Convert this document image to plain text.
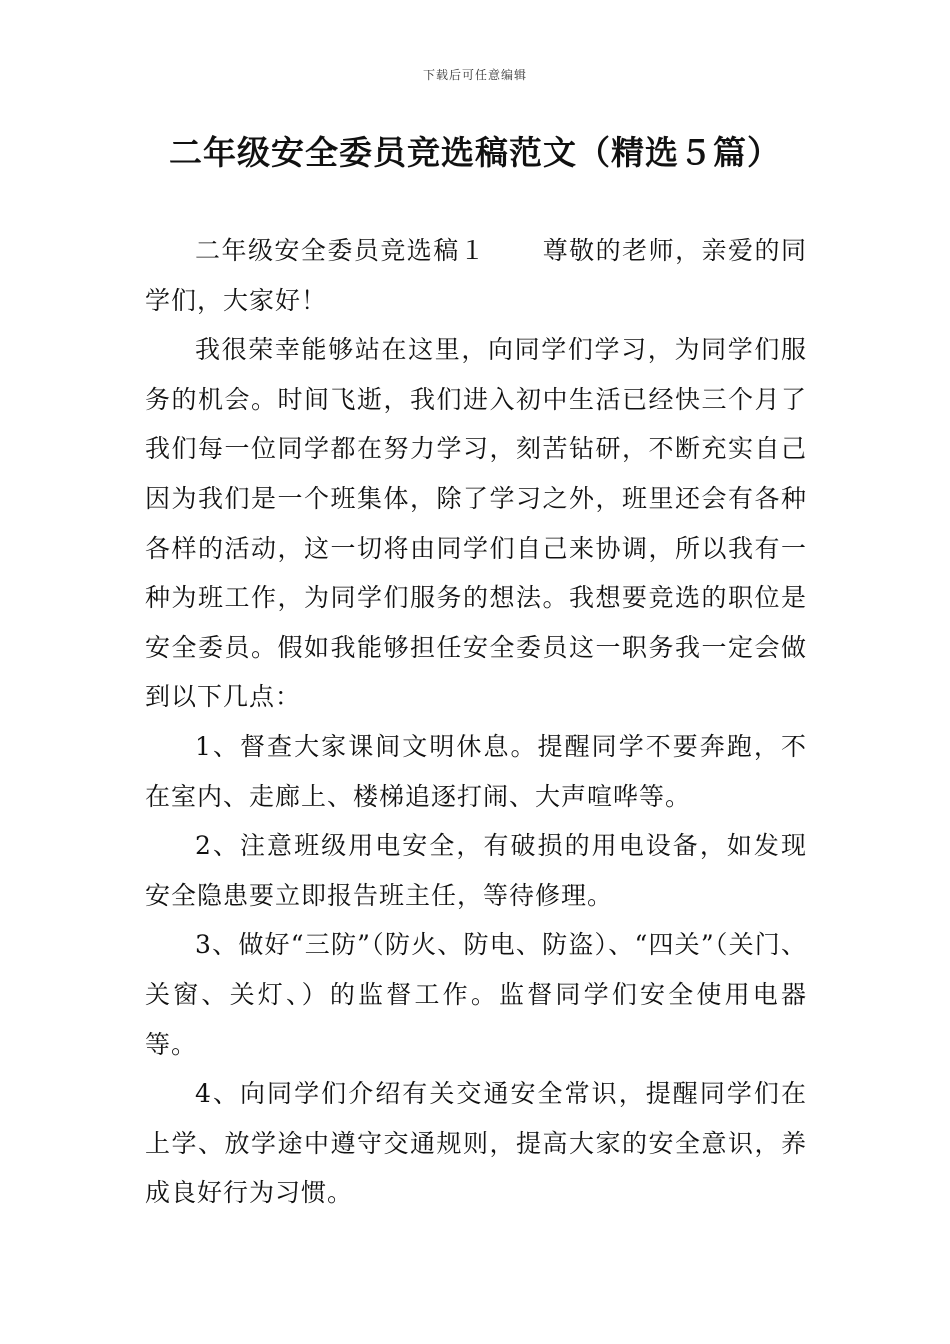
下载后可任意编辑
二年级安全委员竞选稿范文（精选５篇）

二年级安全委员竞选稿１ 尊敬的老师，亲爱的同学们，大家好！

我很荣幸能够站在这里，向同学们学习，为同学们服务的机会。时间飞逝，我们进入初中生活已经快三个月了我们每一位同学都在努力学习，刻苦钻研，不断充实自己因为我们是一个班集体，除了学习之外，班里还会有各种各样的活动，这一切将由同学们自己来协调，所以我有一种为班工作，为同学们服务的想法。我想要竞选的职位是安全委员。假如我能够担任安全委员这一职务我一定会做到以下几点：

1、督查大家课间文明休息。提醒同学不要奔跑，不在室内、走廊上、楼梯追逐打闹、大声喧哗等。

2、注意班级用电安全，有破损的用电设备，如发现安全隐患要立即报告班主任，等待修理。

3、做好“三防”（防火、防电、防盗）、“四关”（关门、关窗、关灯、）的监督工作。监督同学们安全使用电器等。

4、向同学们介绍有关交通安全常识，提醒同学们在上学、放学途中遵守交通规则，提高大家的安全意识，养成良好行为习惯。
